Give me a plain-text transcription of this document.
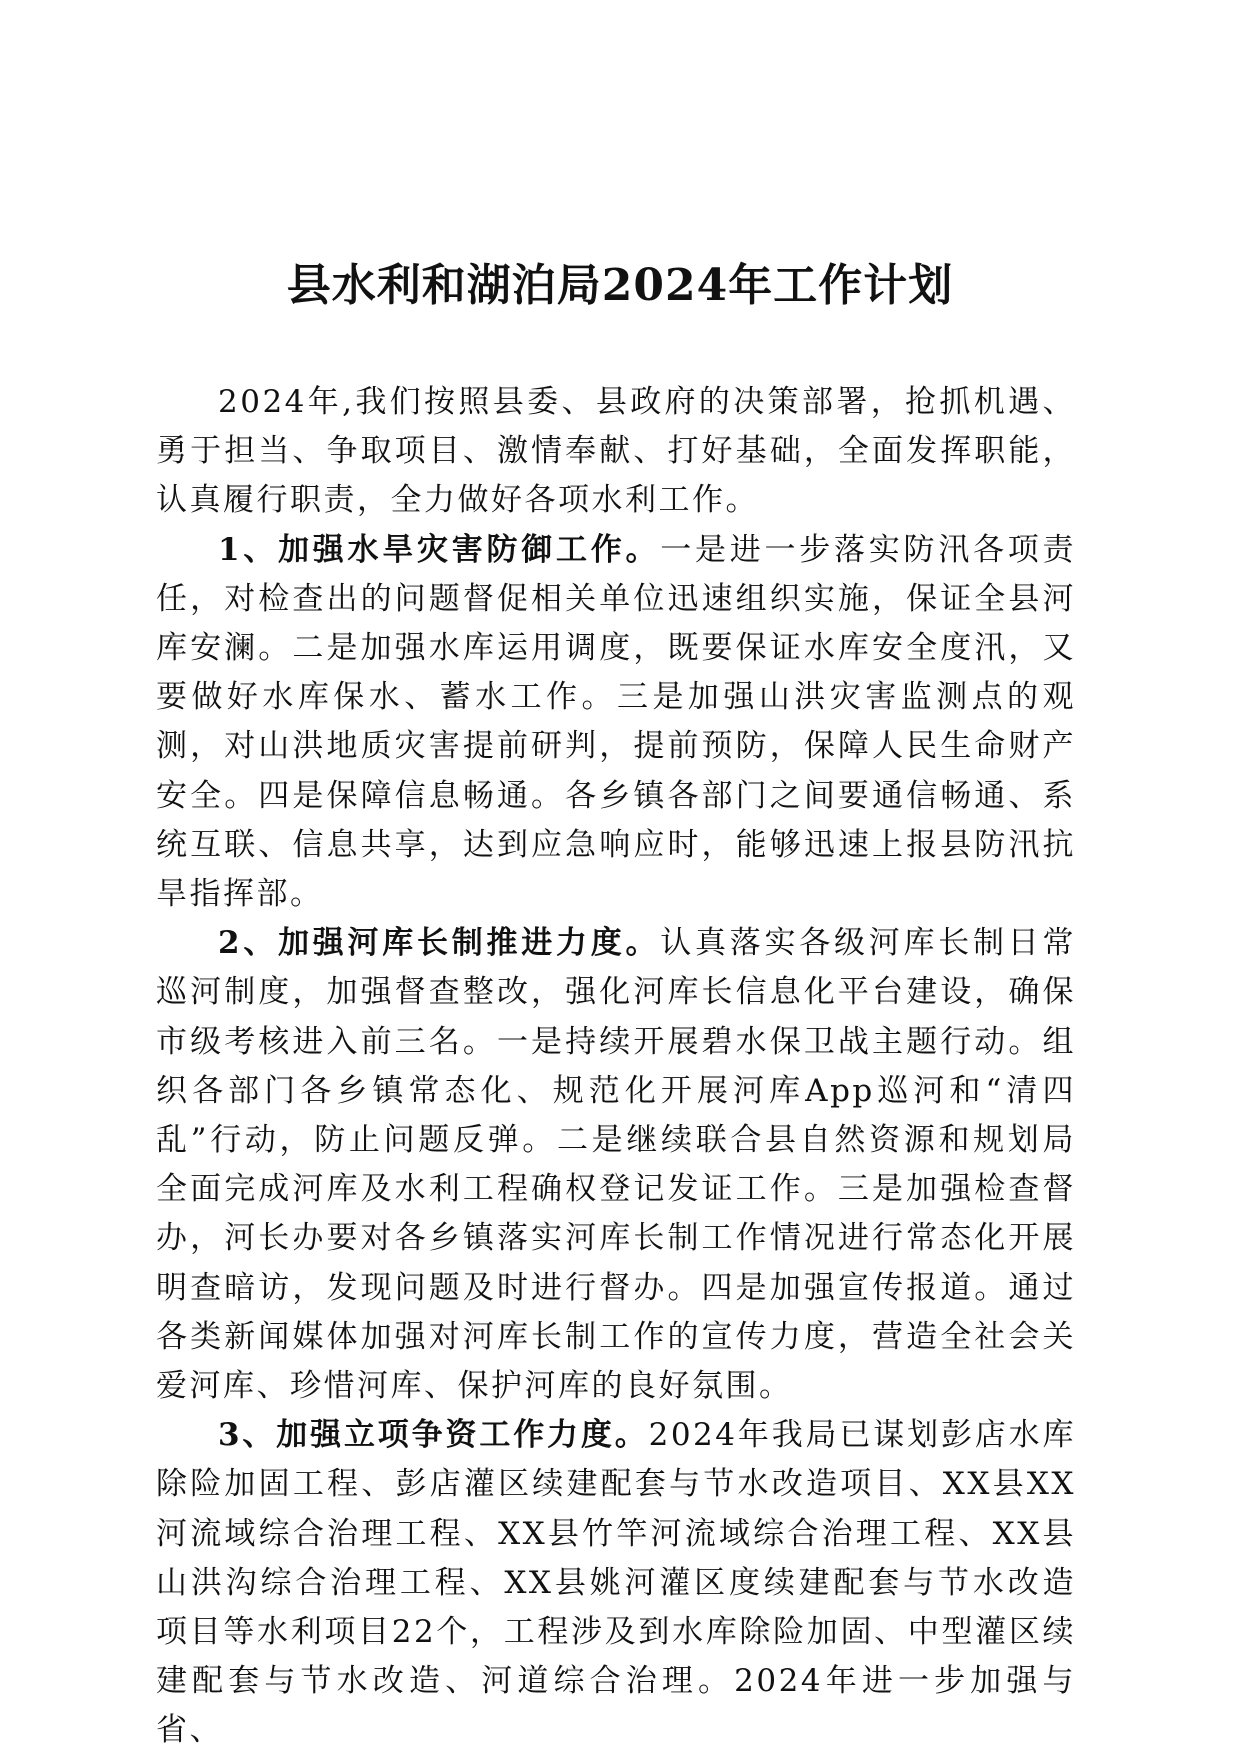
县水利和湖泊局2024年工作计划

2024年,我们按照县委、县政府的决策部署，抢抓机遇、勇于担当、争取项目、激情奉献、打好基础，全面发挥职能，认真履行职责，全力做好各项水利工作。

1、加强水旱灾害防御工作。一是进一步落实防汛各项责任，对检查出的问题督促相关单位迅速组织实施，保证全县河库安澜。二是加强水库运用调度，既要保证水库安全度汛，又要做好水库保水、蓄水工作。三是加强山洪灾害监测点的观测，对山洪地质灾害提前研判，提前预防，保障人民生命财产安全。四是保障信息畅通。各乡镇各部门之间要通信畅通、系统互联、信息共享，达到应急响应时，能够迅速上报县防汛抗旱指挥部。

2、加强河库长制推进力度。认真落实各级河库长制日常巡河制度，加强督查整改，强化河库长信息化平台建设，确保市级考核进入前三名。一是持续开展碧水保卫战主题行动。组织各部门各乡镇常态化、规范化开展河库App巡河和“清四乱”行动，防止问题反弹。二是继续联合县自然资源和规划局全面完成河库及水利工程确权登记发证工作。三是加强检查督办，河长办要对各乡镇落实河库长制工作情况进行常态化开展明查暗访，发现问题及时进行督办。四是加强宣传报道。通过各类新闻媒体加强对河库长制工作的宣传力度，营造全社会关爱河库、珍惜河库、保护河库的良好氛围。

3、加强立项争资工作力度。2024年我局已谋划彭店水库除险加固工程、彭店灌区续建配套与节水改造项目、XX县XX河流域综合治理工程、XX县竹竿河流域综合治理工程、XX县山洪沟综合治理工程、XX县姚河灌区度续建配套与节水改造项目等水利项目22个，工程涉及到水库除险加固、中型灌区续建配套与节水改造、河道综合治理。2024年进一步加强与省、
